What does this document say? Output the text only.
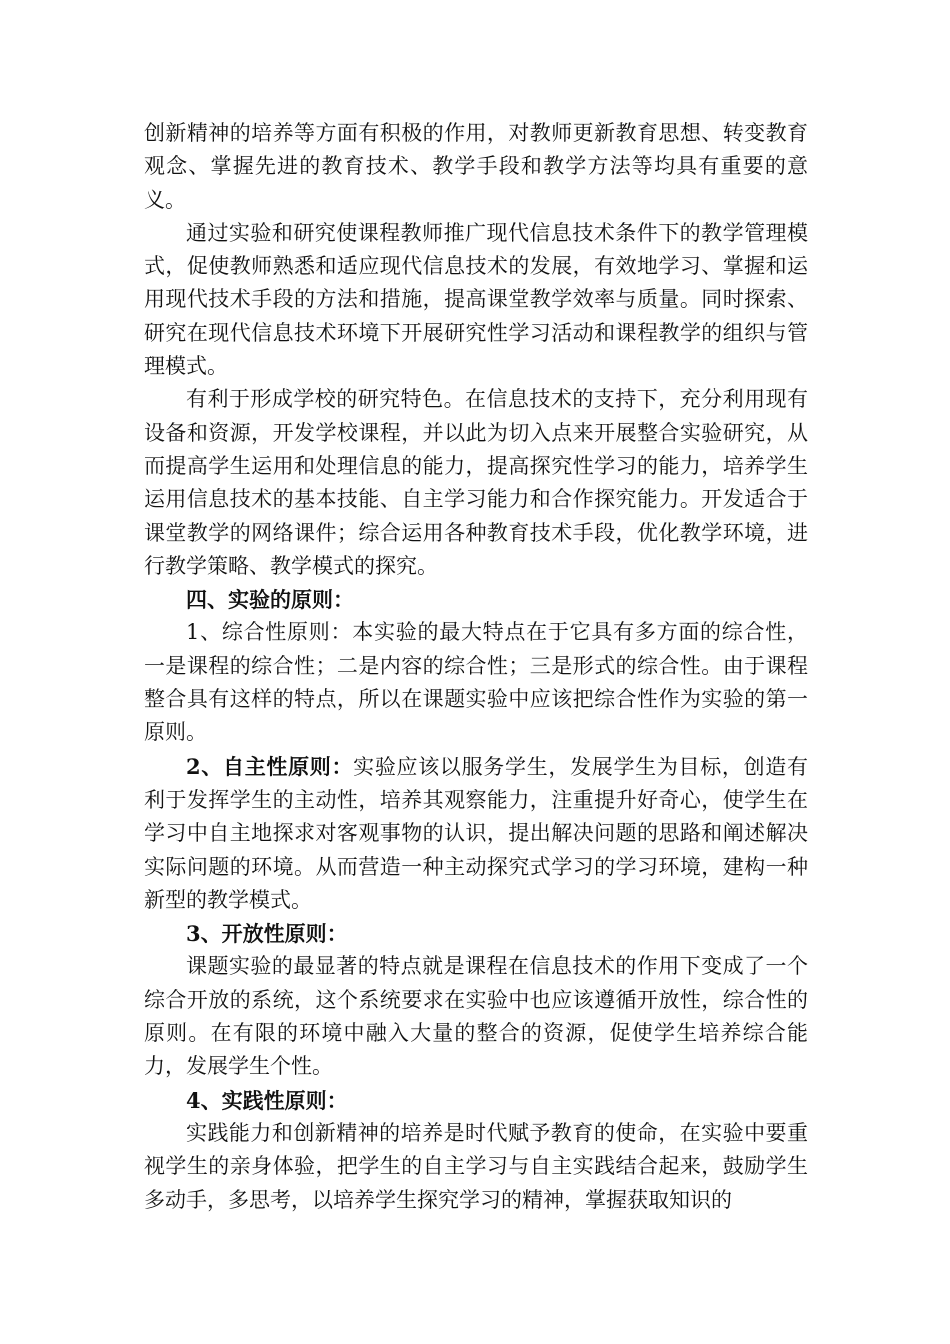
创新精神的培养等方面有积极的作用，对教师更新教育思想、转变教育观念、掌握先进的教育技术、教学手段和教学方法等均具有重要的意义。

通过实验和研究使课程教师推广现代信息技术条件下的教学管理模式，促使教师熟悉和适应现代信息技术的发展，有效地学习、掌握和运用现代技术手段的方法和措施，提高课堂教学效率与质量。同时探索、研究在现代信息技术环境下开展研究性学习活动和课程教学的组织与管理模式。

有利于形成学校的研究特色。在信息技术的支持下，充分利用现有设备和资源，开发学校课程，并以此为切入点来开展整合实验研究，从而提高学生运用和处理信息的能力，提高探究性学习的能力，培养学生运用信息技术的基本技能、自主学习能力和合作探究能力。开发适合于课堂教学的网络课件；综合运用各种教育技术手段，优化教学环境，进行教学策略、教学模式的探究。

四、实验的原则：

1、综合性原则：本实验的最大特点在于它具有多方面的综合性，一是课程的综合性；二是内容的综合性；三是形式的综合性。由于课程整合具有这样的特点，所以在课题实验中应该把综合性作为实验的第一原则。

2、自主性原则：实验应该以服务学生，发展学生为目标，创造有利于发挥学生的主动性，培养其观察能力，注重提升好奇心，使学生在学习中自主地探求对客观事物的认识，提出解决问题的思路和阐述解决实际问题的环境。从而营造一种主动探究式学习的学习环境，建构一种新型的教学模式。

3、开放性原则：

课题实验的最显著的特点就是课程在信息技术的作用下变成了一个综合开放的系统，这个系统要求在实验中也应该遵循开放性，综合性的原则。在有限的环境中融入大量的整合的资源，促使学生培养综合能力，发展学生个性。

4、实践性原则：

实践能力和创新精神的培养是时代赋予教育的使命，在实验中要重视学生的亲身体验，把学生的自主学习与自主实践结合起来，鼓励学生多动手，多思考，以培养学生探究学习的精神，掌握获取知识的
